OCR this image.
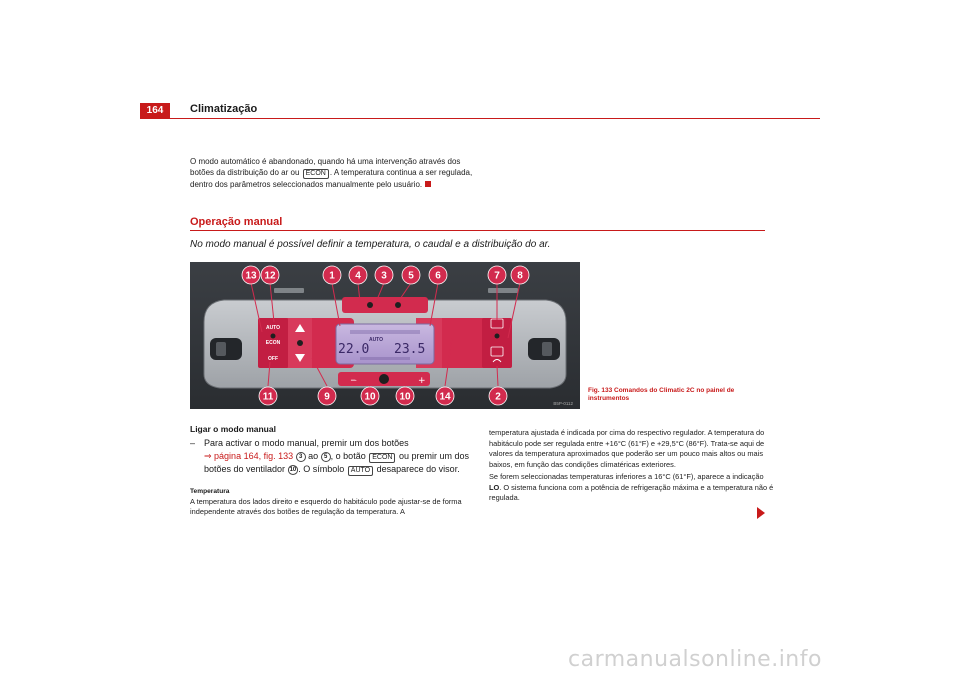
164	Climatização
O modo automático é abandonado, quando há uma intervenção através dos botões da distribuição do ar ou ECON . A temperatura continua a ser regulada, dentro dos parâmetros seleccionados manualmente pelo usuário.
Operação manual
No modo manual é possível definir a temperatura, o caudal e a distribuição do ar.
AUTO
ECON
OFF
22.0 23.5
AUTO
−	+
13 12	1 4 3 5 6	7 8
11	9	10 10	14	2
B5P-0112
Fig. 133 Comandos do Climatic 2C no painel de instrumentos
Ligar o modo manual
– Para activar o modo manual, premir um dos botões
⇒ página 164, fig. 133 3 ao 5 , o botão ECON ou premir um dos botões do ventilador 10 . O símbolo AUTO desaparece do visor.
Temperatura
A temperatura dos lados direito e esquerdo do habitáculo pode ajustar-se de forma independente através dos botões de regulação da temperatura. A

temperatura ajustada é indicada por cima do respectivo regulador. A temperatura do habitáculo pode ser regulada entre +16°C (61°F) e +29,5°C (86°F). Trata-se aqui de valores da temperatura aproximados que poderão ser um pouco mais altos ou mais baixos, em função das condições climatéricas exteriores.

Se forem seleccionadas temperaturas inferiores a 16°C (61°F), aparece a indicação LO. O sistema funciona com a potência de refrigeração máxima e a temperatura não é regulada.

carmanualsonline.info
